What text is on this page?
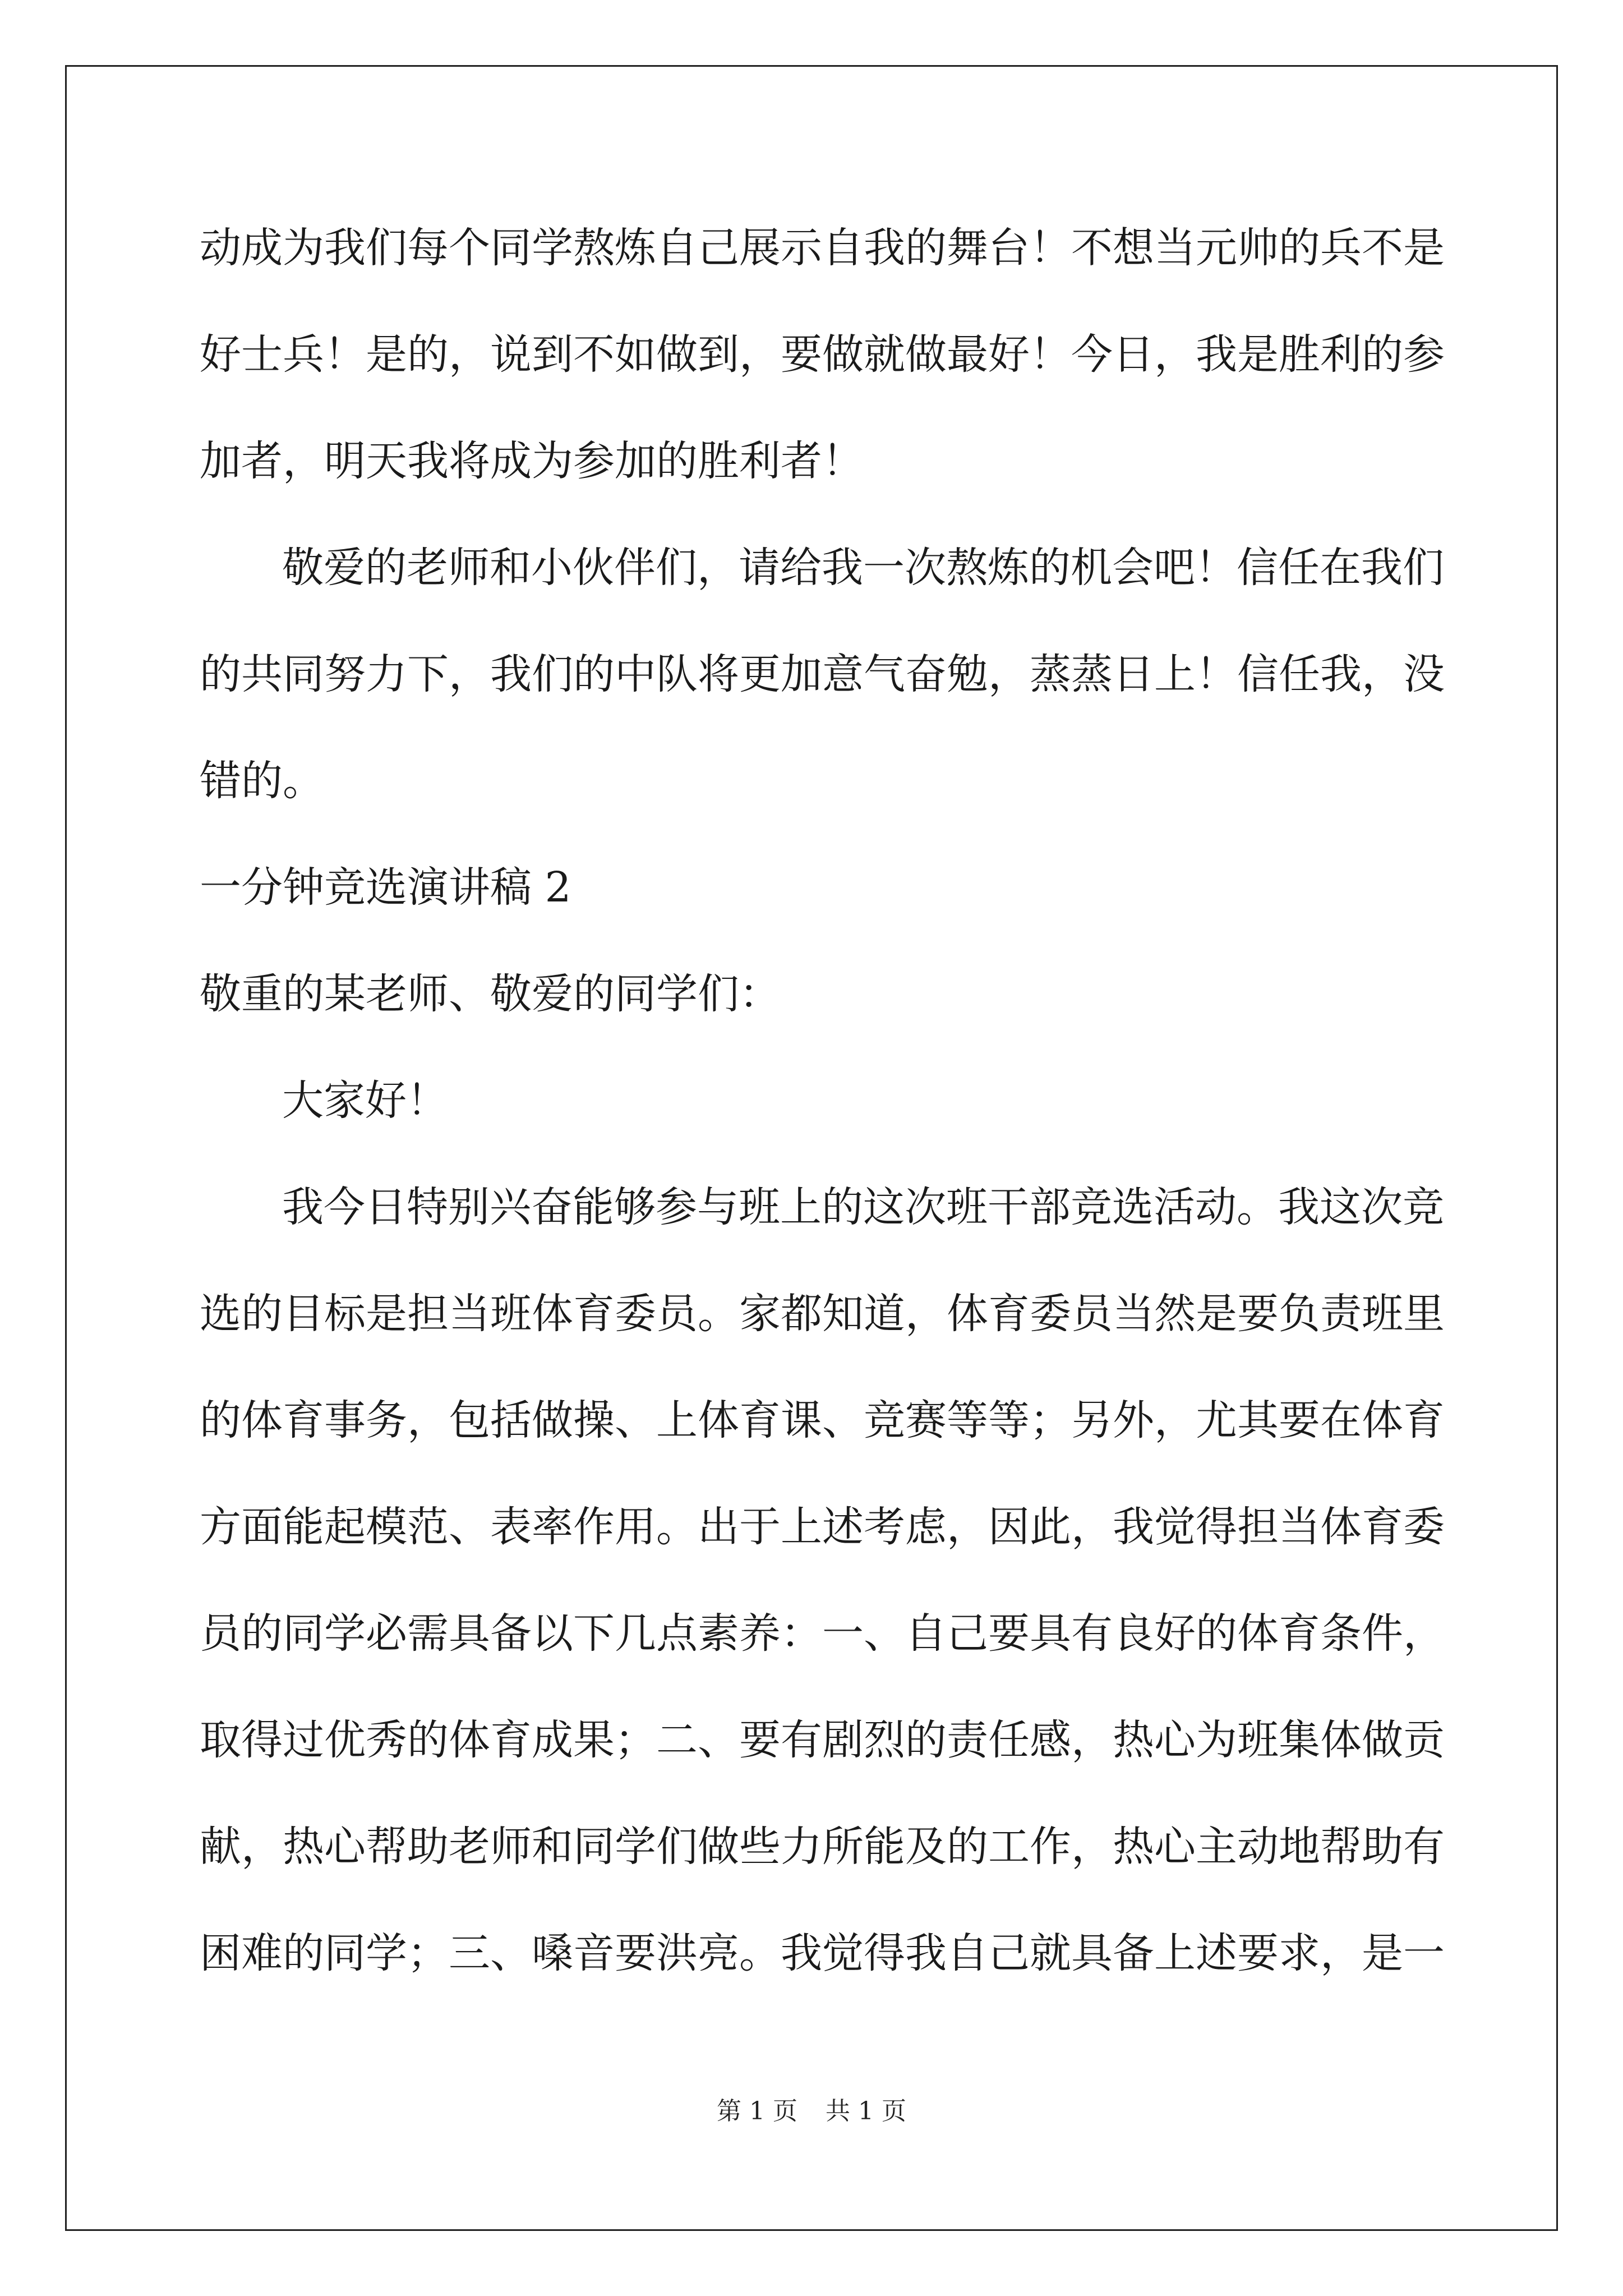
动成为我们每个同学熬炼自己展示自我的舞台！不想当元帅的兵不是
好士兵！是的，说到不如做到，要做就做最好！今日，我是胜利的参
加者，明天我将成为参加的胜利者！
敬爱的老师和小伙伴们，请给我一次熬炼的机会吧！信任在我们
的共同努力下，我们的中队将更加意气奋勉，蒸蒸日上！信任我，没
错的。
一分钟竞选演讲稿 2
敬重的某老师、敬爱的同学们：
大家好！
我今日特别兴奋能够参与班上的这次班干部竞选活动。我这次竞
选的目标是担当班体育委员。家都知道，体育委员当然是要负责班里
的体育事务，包括做操、上体育课、竞赛等等；另外，尤其要在体育
方面能起模范、表率作用。出于上述考虑，因此，我觉得担当体育委
员的同学必需具备以下几点素养：一、自己要具有良好的体育条件，
取得过优秀的体育成果；二、要有剧烈的责任感，热心为班集体做贡
献，热心帮助老师和同学们做些力所能及的工作，热心主动地帮助有
困难的同学；三、嗓音要洪亮。我觉得我自己就具备上述要求，是一
第 1 页 共 1 页
